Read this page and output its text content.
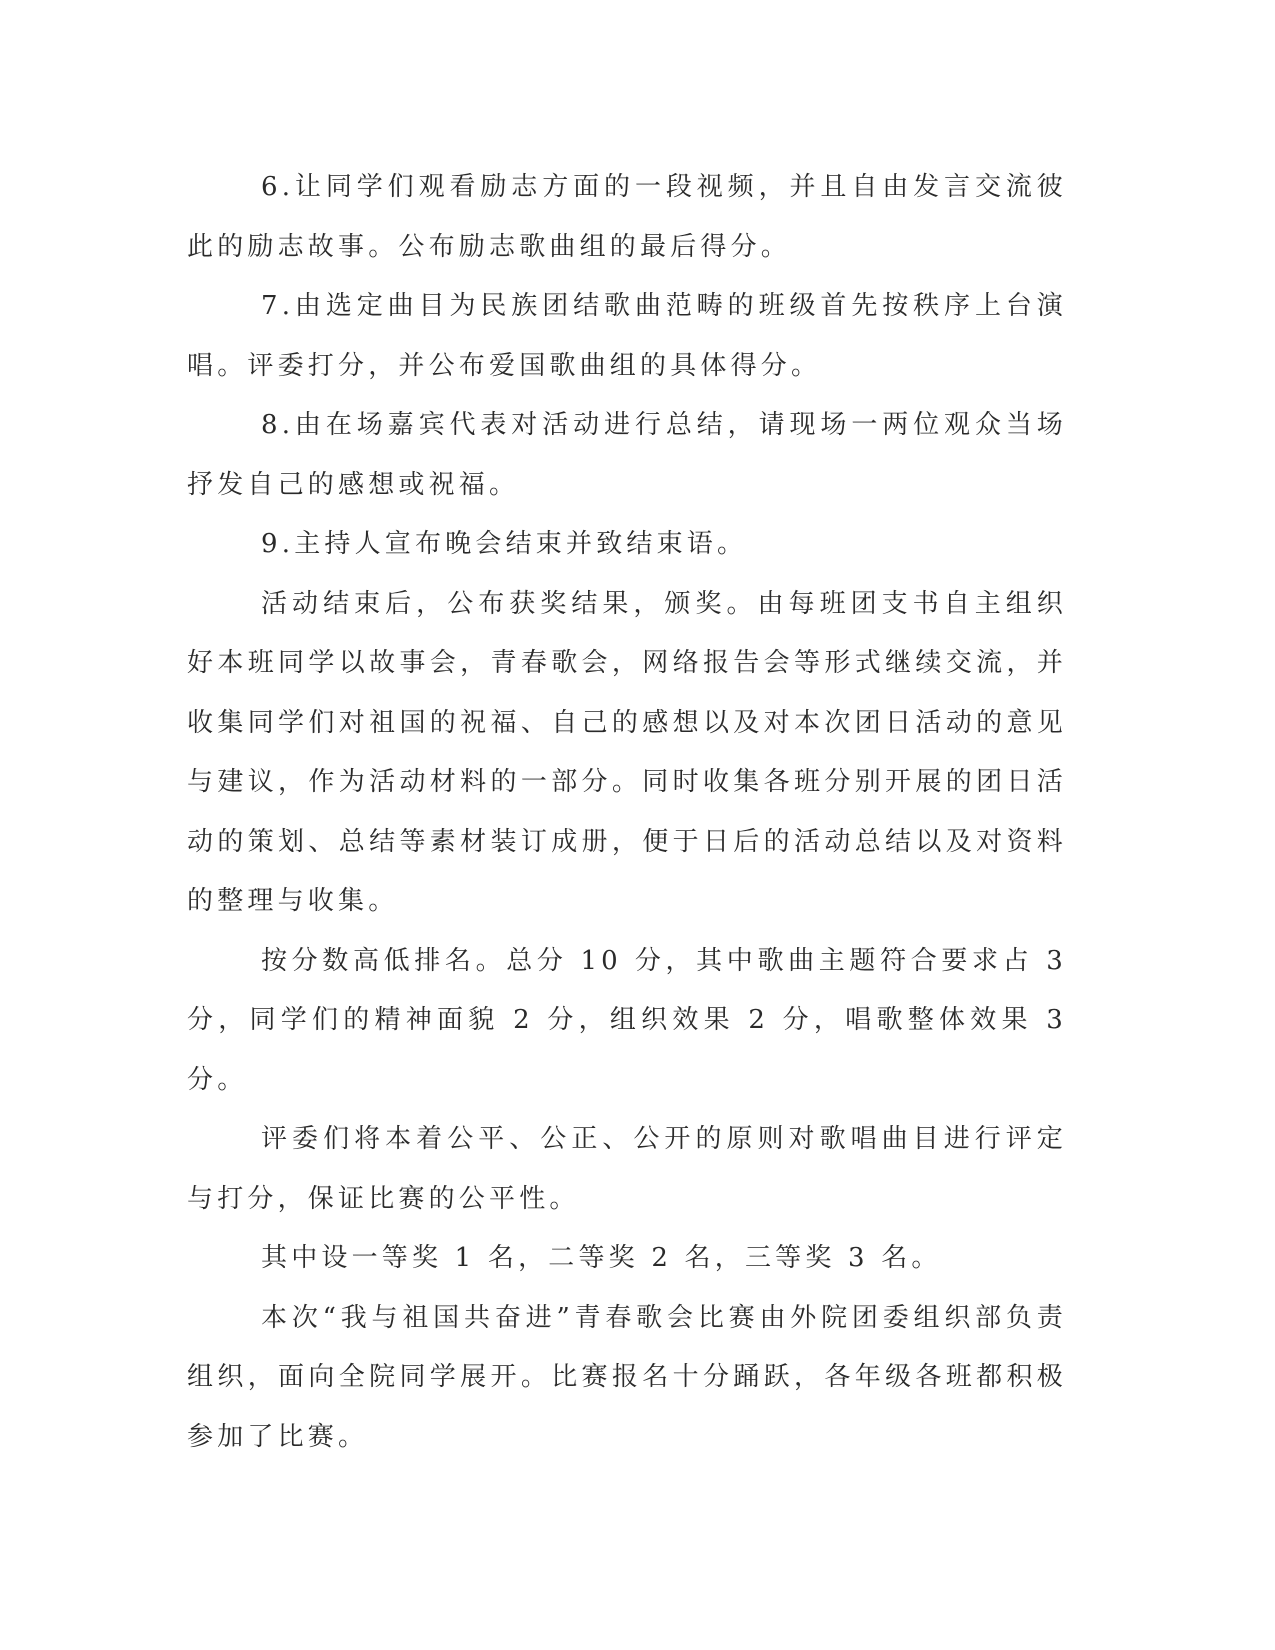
6.让同学们观看励志方面的一段视频，并且自由发言交流彼此的励志故事。公布励志歌曲组的最后得分。

7.由选定曲目为民族团结歌曲范畴的班级首先按秩序上台演唱。评委打分，并公布爱国歌曲组的具体得分。

8.由在场嘉宾代表对活动进行总结，请现场一两位观众当场抒发自己的感想或祝福。

9.主持人宣布晚会结束并致结束语。

活动结束后，公布获奖结果，颁奖。由每班团支书自主组织好本班同学以故事会，青春歌会，网络报告会等形式继续交流，并收集同学们对祖国的祝福、自己的感想以及对本次团日活动的意见与建议，作为活动材料的一部分。同时收集各班分别开展的团日活动的策划、总结等素材装订成册，便于日后的活动总结以及对资料的整理与收集。

按分数高低排名。总分 10 分，其中歌曲主题符合要求占 3 分，同学们的精神面貌 2 分，组织效果 2 分，唱歌整体效果 3 分。

评委们将本着公平、公正、公开的原则对歌唱曲目进行评定与打分，保证比赛的公平性。

其中设一等奖 1 名，二等奖 2 名，三等奖 3 名。

本次“我与祖国共奋进”青春歌会比赛由外院团委组织部负责组织，面向全院同学展开。比赛报名十分踊跃，各年级各班都积极参加了比赛。
